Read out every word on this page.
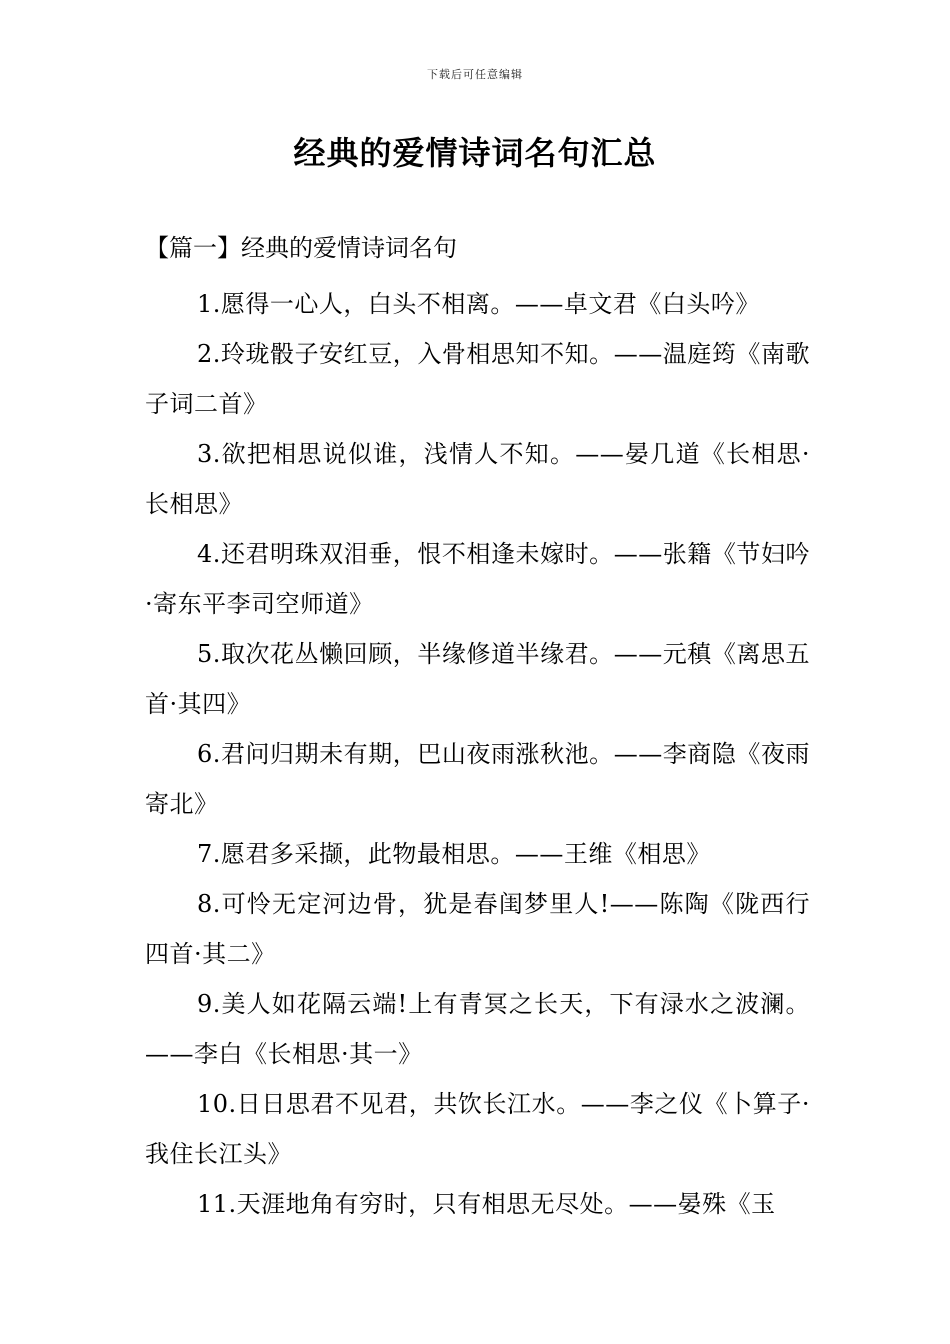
下载后可任意编辑
经典的爱情诗词名句汇总
【篇一】经典的爱情诗词名句

1.愿得一心人，白头不相离。——卓文君《白头吟》

2.玲珑骰子安红豆，入骨相思知不知。——温庭筠《南歌子词二首》

3.欲把相思说似谁，浅情人不知。——晏几道《长相思·长相思》

4.还君明珠双泪垂，恨不相逢未嫁时。——张籍《节妇吟·寄东平李司空师道》

5.取次花丛懒回顾，半缘修道半缘君。——元稹《离思五首·其四》

6.君问归期未有期，巴山夜雨涨秋池。——李商隐《夜雨寄北》

7.愿君多采撷，此物最相思。——王维《相思》

8.可怜无定河边骨，犹是春闺梦里人!——陈陶《陇西行四首·其二》

9.美人如花隔云端!上有青冥之长天，下有渌水之波澜。——李白《长相思·其一》

10.日日思君不见君，共饮长江水。——李之仪《卜算子·我住长江头》

11.天涯地角有穷时，只有相思无尽处。——晏殊《玉
